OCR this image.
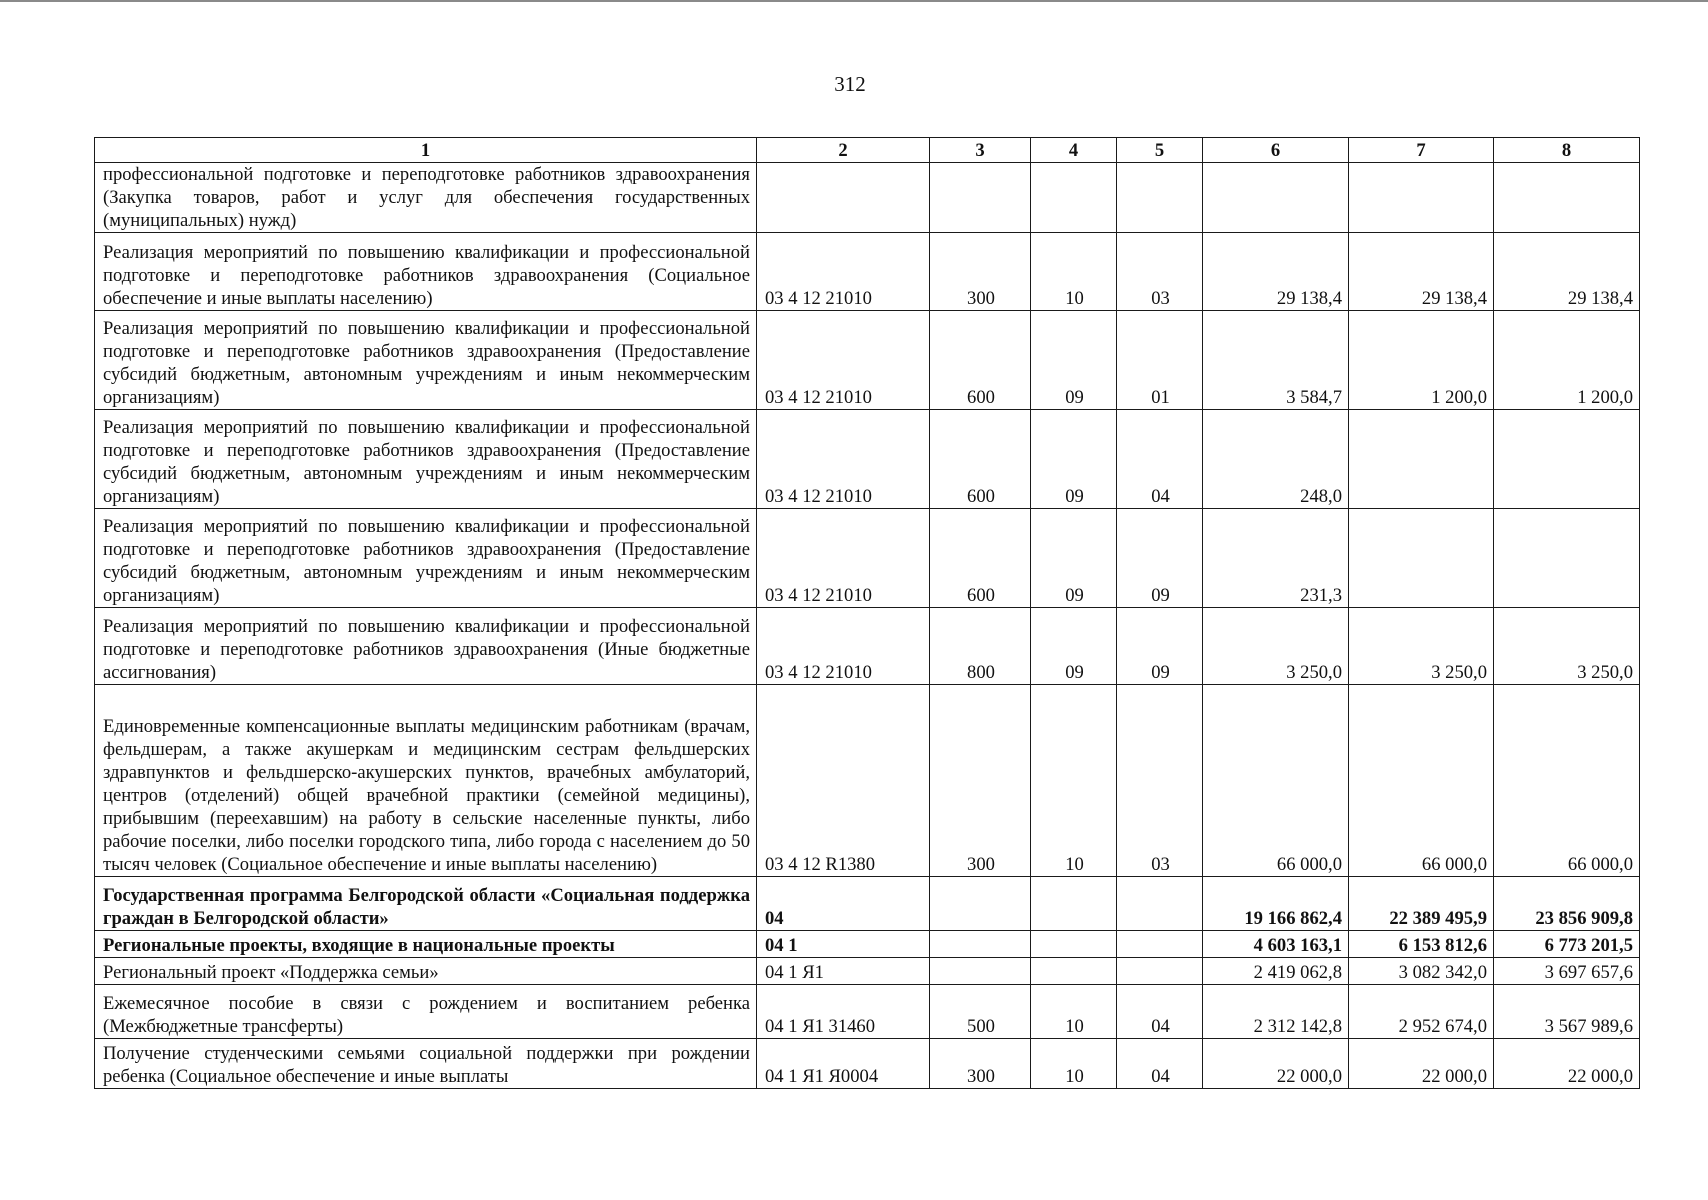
312
1	2	3	4	5	6	7	8
профессиональной подготовке и переподготовке работников здравоохранения (Закупка товаров, работ и услуг для обеспечения государственных (муниципальных) нужд)							
Реализация мероприятий по повышению квалификации и профессиональной подготовке и переподготовке работников здравоохранения (Социальное обеспечение и иные выплаты населению)	03 4 12 21010	300	10	03	29 138,4	29 138,4	29 138,4
Реализация мероприятий по повышению квалификации и профессиональной подготовке и переподготовке работников здравоохранения (Предоставление субсидий бюджетным, автономным учреждениям и иным некоммерческим организациям)	03 4 12 21010	600	09	01	3 584,7	1 200,0	1 200,0
Реализация мероприятий по повышению квалификации и профессиональной подготовке и переподготовке работников здравоохранения (Предоставление субсидий бюджетным, автономным учреждениям и иным некоммерческим организациям)	03 4 12 21010	600	09	04	248,0		
Реализация мероприятий по повышению квалификации и профессиональной подготовке и переподготовке работников здравоохранения (Предоставление субсидий бюджетным, автономным учреждениям и иным некоммерческим организациям)	03 4 12 21010	600	09	09	231,3		
Реализация мероприятий по повышению квалификации и профессиональной подготовке и переподготовке работников здравоохранения (Иные бюджетные ассигнования)	03 4 12 21010	800	09	09	3 250,0	3 250,0	3 250,0
Единовременные компенсационные выплаты медицинским работникам (врачам, фельдшерам, а также акушеркам и медицинским сестрам фельдшерских здравпунктов и фельдшерско-акушерских пунктов, врачебных амбулаторий, центров (отделений) общей врачебной практики (семейной медицины), прибывшим (переехавшим) на работу в сельские населенные пункты, либо рабочие поселки, либо поселки городского типа, либо города с населением до 50 тысяч человек (Социальное обеспечение и иные выплаты населению)	03 4 12 R1380	300	10	03	66 000,0	66 000,0	66 000,0
Государственная программа Белгородской области «Социальная поддержка граждан в Белгородской области»	04				19 166 862,4	22 389 495,9	23 856 909,8
Региональные проекты, входящие в национальные проекты	04 1				4 603 163,1	6 153 812,6	6 773 201,5
Региональный проект «Поддержка семьи»	04 1 Я1				2 419 062,8	3 082 342,0	3 697 657,6
Ежемесячное пособие в связи с рождением и воспитанием ребенка (Межбюджетные трансферты)	04 1 Я1 31460	500	10	04	2 312 142,8	2 952 674,0	3 567 989,6
Получение студенческими семьями социальной поддержки при рождении ребенка (Социальное обеспечение и иные выплаты	04 1 Я1 Я0004	300	10	04	22 000,0	22 000,0	22 000,0
